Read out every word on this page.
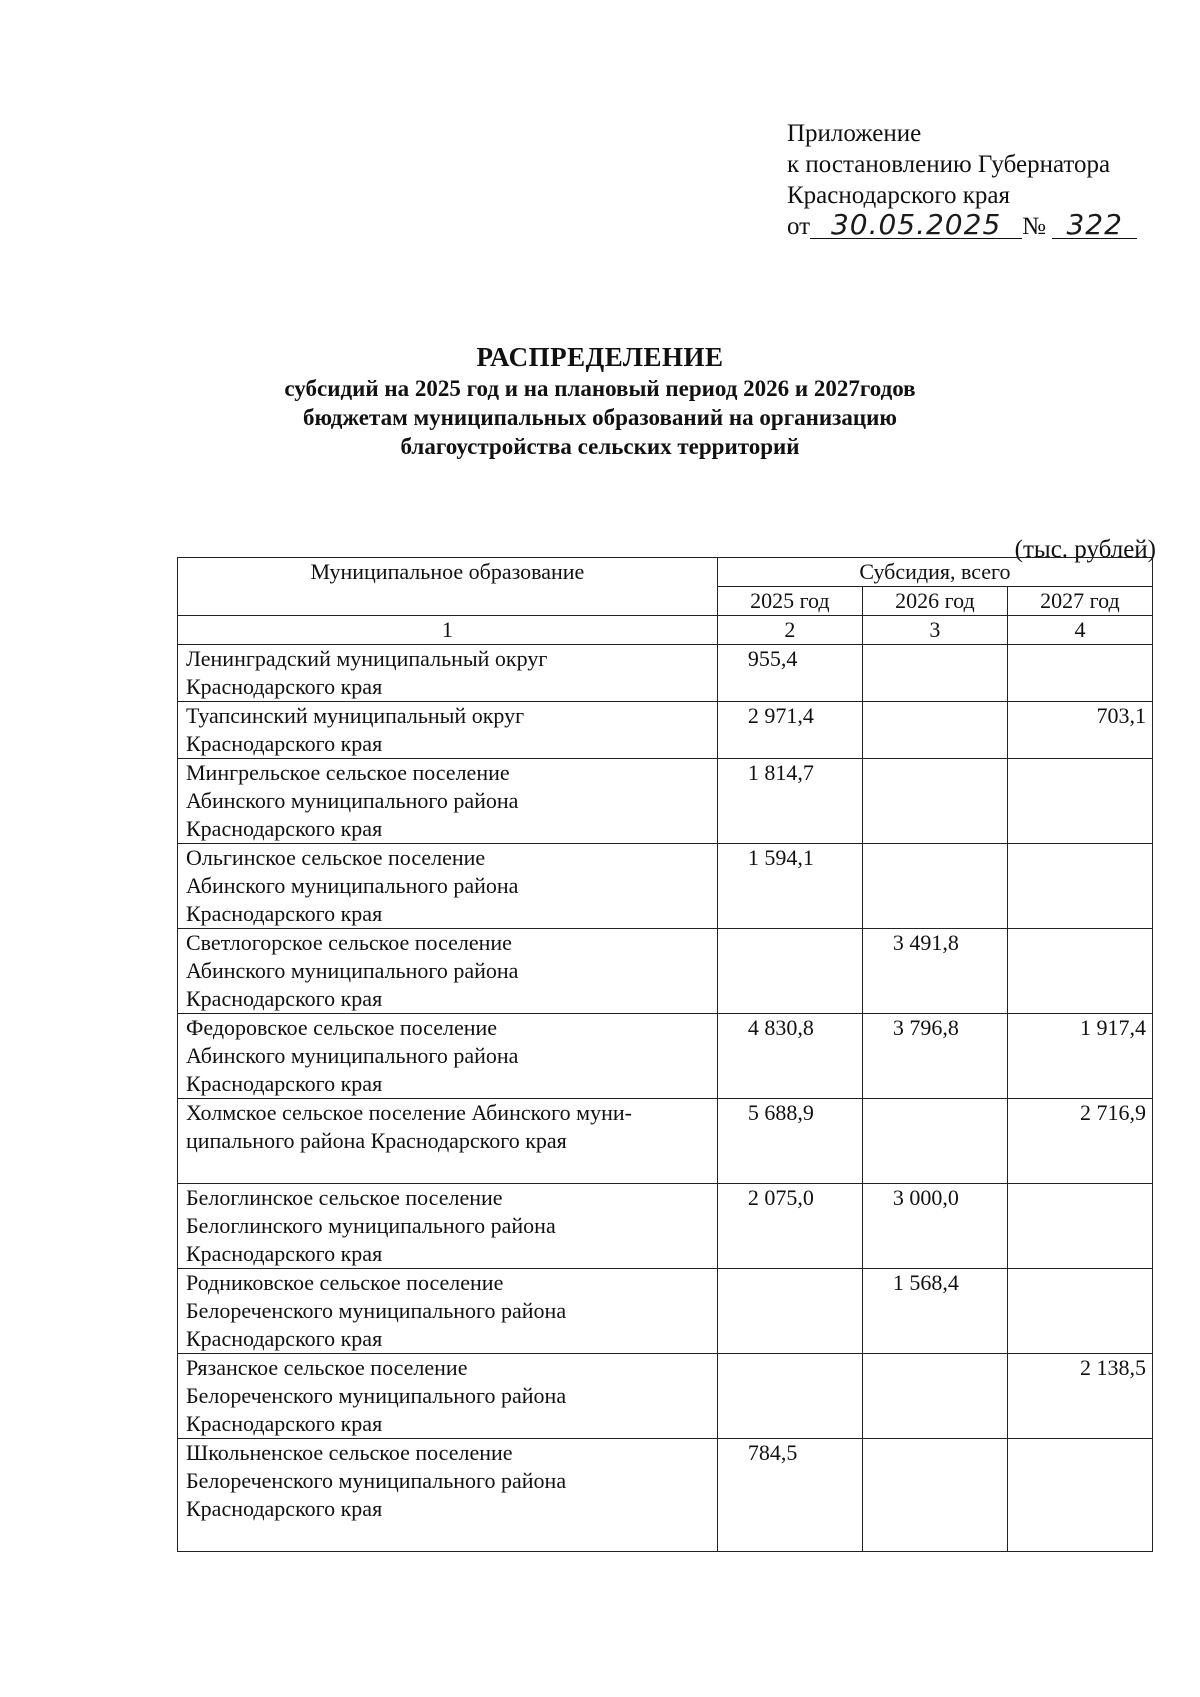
Приложение
к постановлению Губернатора
Краснодарского края
от 30.05.2025 № 322
РАСПРЕДЕЛЕНИЕ
субсидий на 2025 год и на плановый период 2026 и 2027годов
бюджетам муниципальных образований на организацию
благоустройства сельских территорий
(тыс. рублей)
Муниципальное образование	Субсидия, всего		
	2025 год	2026 год	2027 год
1	2	3	4

Ленинградский муниципальный округ
Краснодарского края	955,4		

Туапсинский муниципальный округ
Краснодарского края	2 971,4		703,1

Мингрельское сельское поселение
Абинского муниципального района
Краснодарского края	1 814,7		

Ольгинское сельское поселение
Абинского муниципального района
Краснодарского края	1 594,1		

Светлогорское сельское поселение
Абинского муниципального района
Краснодарского края		3 491,8	

Федоровское сельское поселение
Абинского муниципального района
Краснодарского края	4 830,8	3 796,8	1 917,4

Холмское сельское поселение Абинского муни-
ципального района Краснодарского края	5 688,9		2 716,9

Белоглинское сельское поселение
Белоглинского муниципального района
Краснодарского края	2 075,0	3 000,0	

Родниковское сельское поселение
Белореченского муниципального района
Краснодарского края		1 568,4	

Рязанское сельское поселение
Белореченского муниципального района
Краснодарского края			2 138,5

Школьненское сельское поселение
Белореченского муниципального района
Краснодарского края	784,5		
